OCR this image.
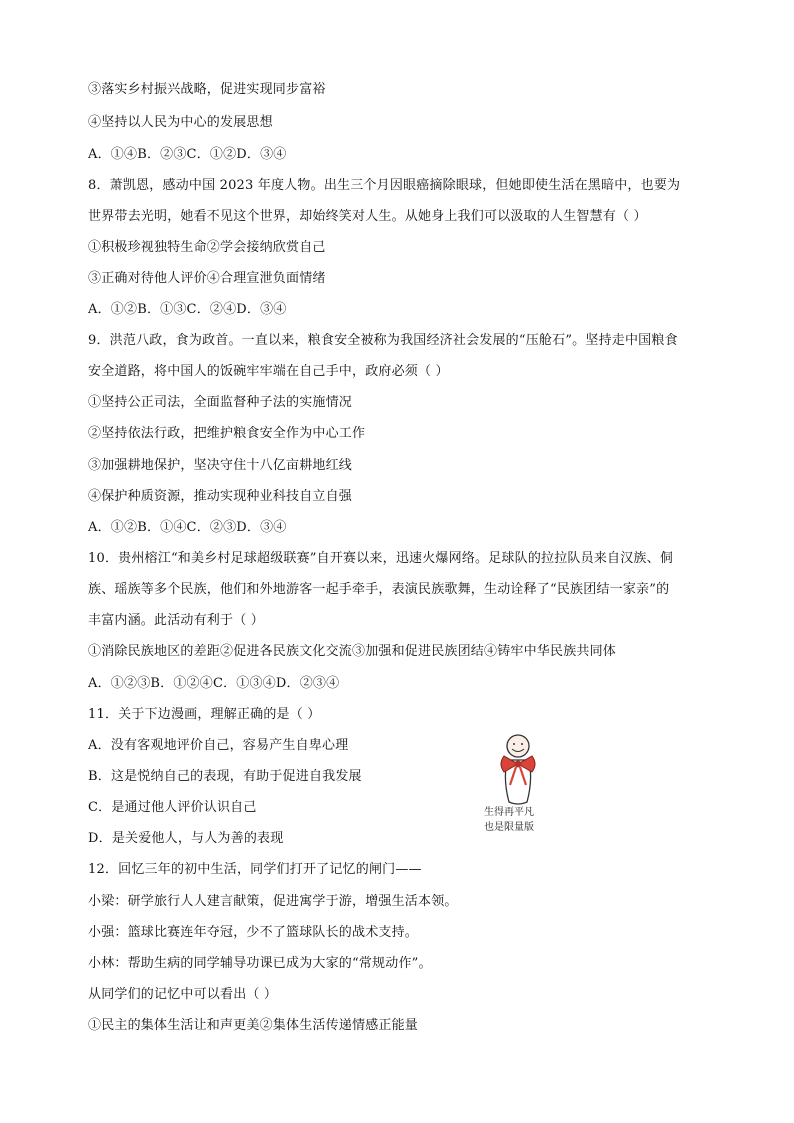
③落实乡村振兴战略，促进实现同步富裕
④坚持以人民为中心的发展思想
A．①④B．②③C．①②D．③④
8．萧凯恩，感动中国 2023 年度人物。出生三个月因眼癌摘除眼球，但她即使生活在黑暗中，也要为
世界带去光明，她看不见这个世界，却始终笑对人生。从她身上我们可以汲取的人生智慧有（ ）
①积极珍视独特生命②学会接纳欣赏自己
③正确对待他人评价④合理宣泄负面情绪
A．①②B．①③C．②④D．③④
9．洪范八政，食为政首。一直以来，粮食安全被称为我国经济社会发展的“压舱石”。坚持走中国粮食
安全道路，将中国人的饭碗牢牢端在自己手中，政府必须（ ）
①坚持公正司法，全面监督种子法的实施情况
②坚持依法行政，把维护粮食安全作为中心工作
③加强耕地保护，坚决守住十八亿亩耕地红线
④保护种质资源，推动实现种业科技自立自强
A．①②B．①④C．②③D．③④
10．贵州榕江“和美乡村足球超级联赛”自开赛以来，迅速火爆网络。足球队的拉拉队员来自汉族、侗
族、瑶族等多个民族，他们和外地游客一起手牵手，表演民族歌舞，生动诠释了“民族团结一家亲”的
丰富内涵。此活动有利于（ ）
①消除民族地区的差距②促进各民族文化交流③加强和促进民族团结④铸牢中华民族共同体
A．①②③B．①②④C．①③④D．②③④
11．关于下边漫画，理解正确的是（ ）
A．没有客观地评价自己，容易产生自卑心理
B．这是悦纳自己的表现，有助于促进自我发展
C．是通过他人评价认识自己
D．是关爱他人，与人为善的表现
12．回忆三年的初中生活，同学们打开了记忆的闸门——
小梁：研学旅行人人建言献策，促进寓学于游，增强生活本领。
小强：篮球比赛连年夺冠，少不了篮球队长的战术支持。
小林：帮助生病的同学辅导功课已成为大家的“常规动作”。
从同学们的记忆中可以看出（ ）
①民主的集体生活让和声更美②集体生活传递情感正能量
生得再平凡
也是限量版
